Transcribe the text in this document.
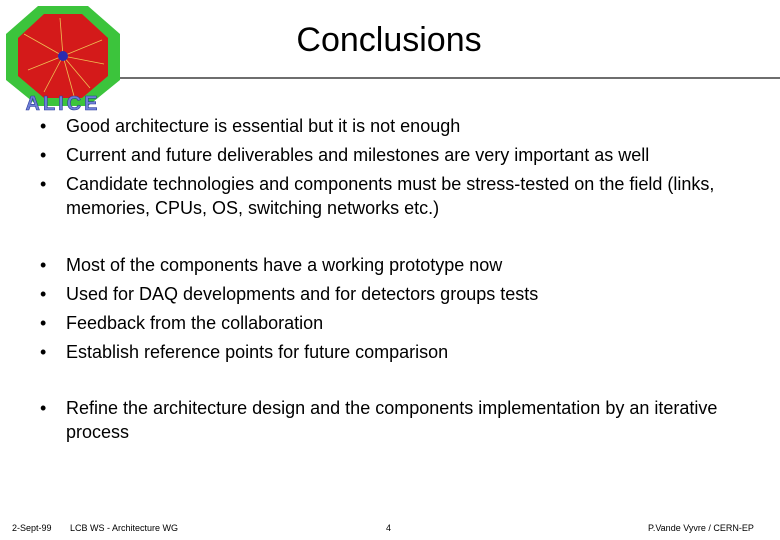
ALICE
Conclusions
•	Good architecture is essential but it is not enough
•	Current and future deliverables and milestones are very important as well
•	Candidate technologies and components must be stress-tested on the field (links, memories, CPUs, OS, switching networks etc.)
•	Most of the components have a working prototype now
•	Used for DAQ developments and for detectors groups tests
•	Feedback from the collaboration
•	Establish reference points for future comparison
•	Refine the architecture design and the components implementation by an iterative process

2-Sept-99 LCB WS - Architecture WG	4	P.Vande Vyvre / CERN-EP
